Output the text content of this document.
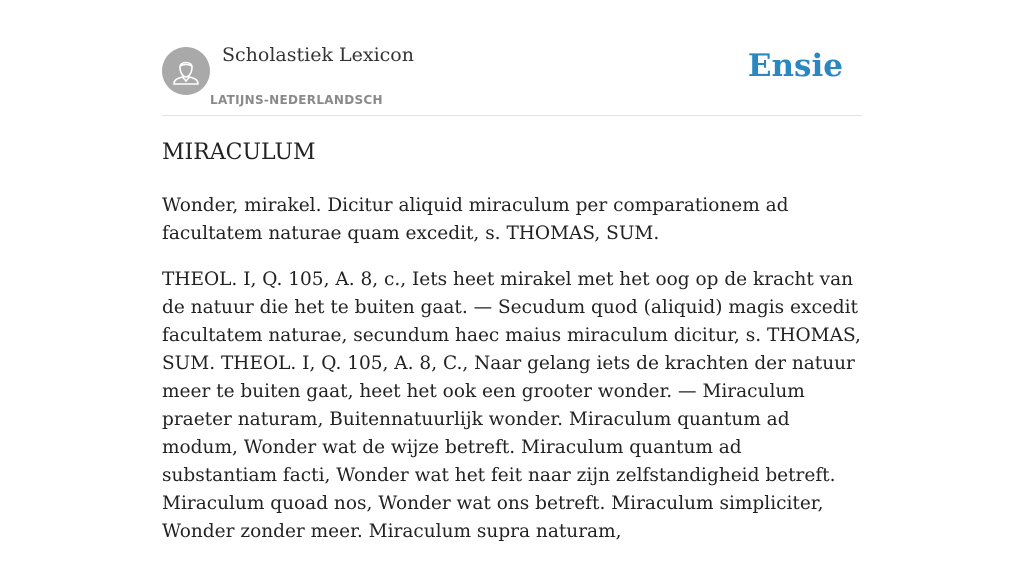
Scholastiek Lexicon
LATIJNS-NEDERLANDSCH
Ensie
MIRACULUM

Wonder, mirakel. Dicitur aliquid miraculum per comparationem ad facultatem naturae quam excedit, s. THOMAS, SUM.

THEOL. I, Q. 105, A. 8, c., Iets heet mirakel met het oog op de kracht van de natuur die het te buiten gaat. — Secudum quod (aliquid) magis excedit facultatem naturae, secundum haec maius miraculum dicitur, s. THOMAS, SUM. THEOL. I, Q. 105, A. 8, C., Naar gelang iets de krachten der natuur meer te buiten gaat, heet het ook een grooter wonder. — Miraculum praeter naturam, Buitennatuurlijk wonder. Miraculum quantum ad modum, Wonder wat de wijze betreft. Miraculum quantum ad substantiam facti, Wonder wat het feit naar zijn zelfstandigheid betreft. Miraculum quoad nos, Wonder wat ons betreft. Miraculum simpliciter, Wonder zonder meer. Miraculum supra naturam,
